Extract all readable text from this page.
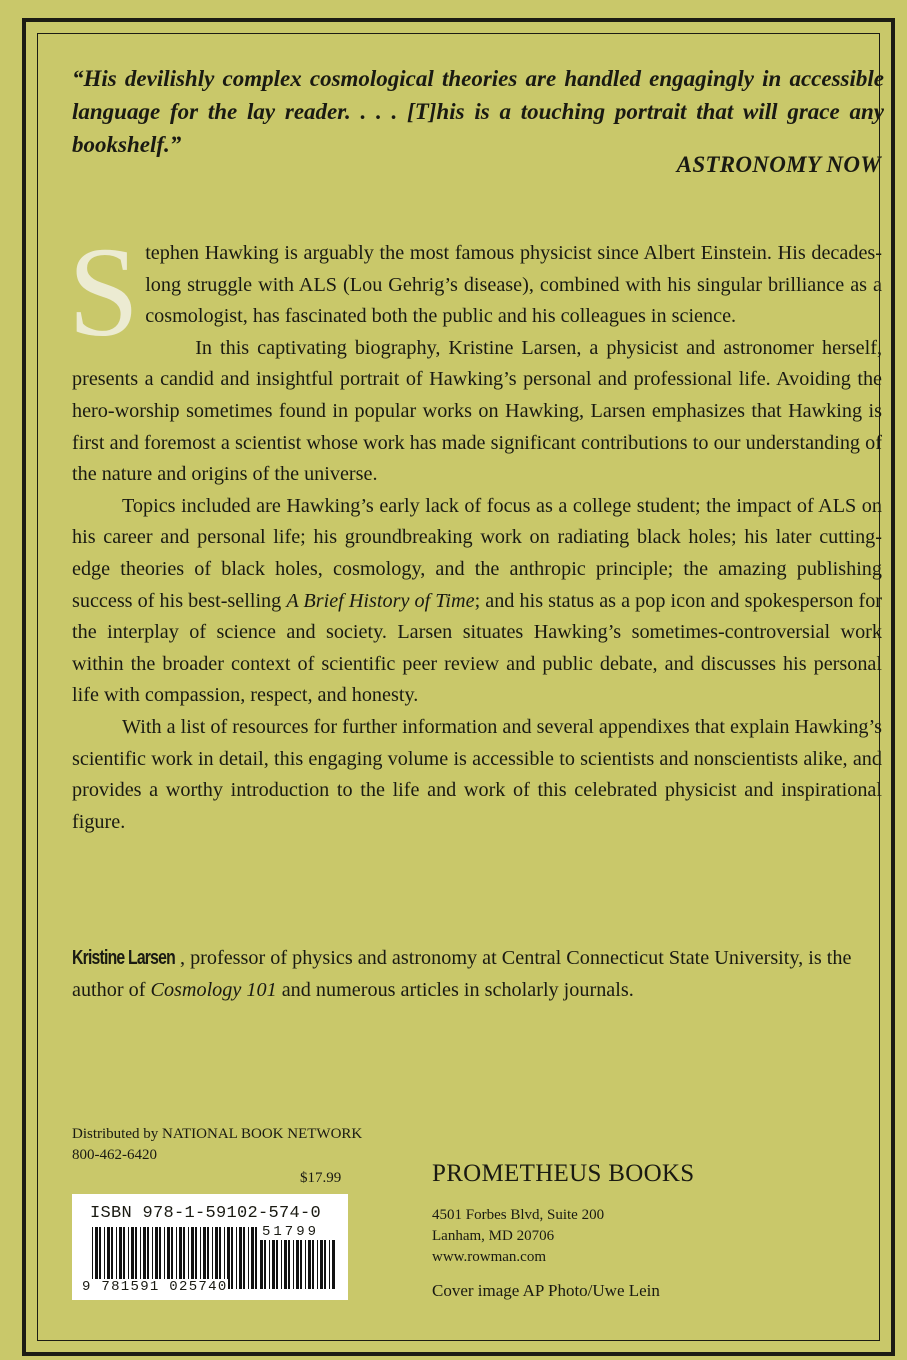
“His devilishly complex cosmological theories are handled engagingly in accessible language for the lay reader. . . . [T]his is a touching portrait that will grace any bookshelf.”
ASTRONOMY NOW

Stephen Hawking is arguably the most famous physicist since Albert Einstein. His decades-long struggle with ALS (Lou Gehrig’s disease), combined with his singular brilliance as a cosmologist, has fascinated both the public and his colleagues in science.

In this captivating biography, Kristine Larsen, a physicist and astronomer herself, presents a candid and insightful portrait of Hawking’s personal and professional life. Avoiding the hero-worship sometimes found in popular works on Hawking, Larsen emphasizes that Hawking is first and foremost a scientist whose work has made significant contributions to our understanding of the nature and origins of the universe.

Topics included are Hawking’s early lack of focus as a college student; the impact of ALS on his career and personal life; his groundbreaking work on radiating black holes; his later cutting-edge theories of black holes, cosmology, and the anthropic principle; the amazing publishing success of his best-selling A Brief History of Time; and his status as a pop icon and spokesperson for the interplay of science and society. Larsen situates Hawking’s sometimes-controversial work within the broader context of scientific peer review and public debate, and discusses his personal life with compassion, respect, and honesty.

With a list of resources for further information and several appendixes that explain Hawking’s scientific work in detail, this engaging volume is accessible to scientists and nonscientists alike, and provides a worthy introduction to the life and work of this celebrated physicist and inspirational figure.

Kristine Larsen , professor of physics and astronomy at Central Connecticut State University, is the author of Cosmology 101 and numerous articles in scholarly journals.
Distributed by NATIONAL BOOK NETWORK
800-462-6420
$17.99
ISBN 978-1-59102-574-0
51799
9 781591 025740
PROMETHEUS BOOKS
4501 Forbes Blvd, Suite 200
Lanham, MD 20706
www.rowman.com
Cover image AP Photo/Uwe Lein
